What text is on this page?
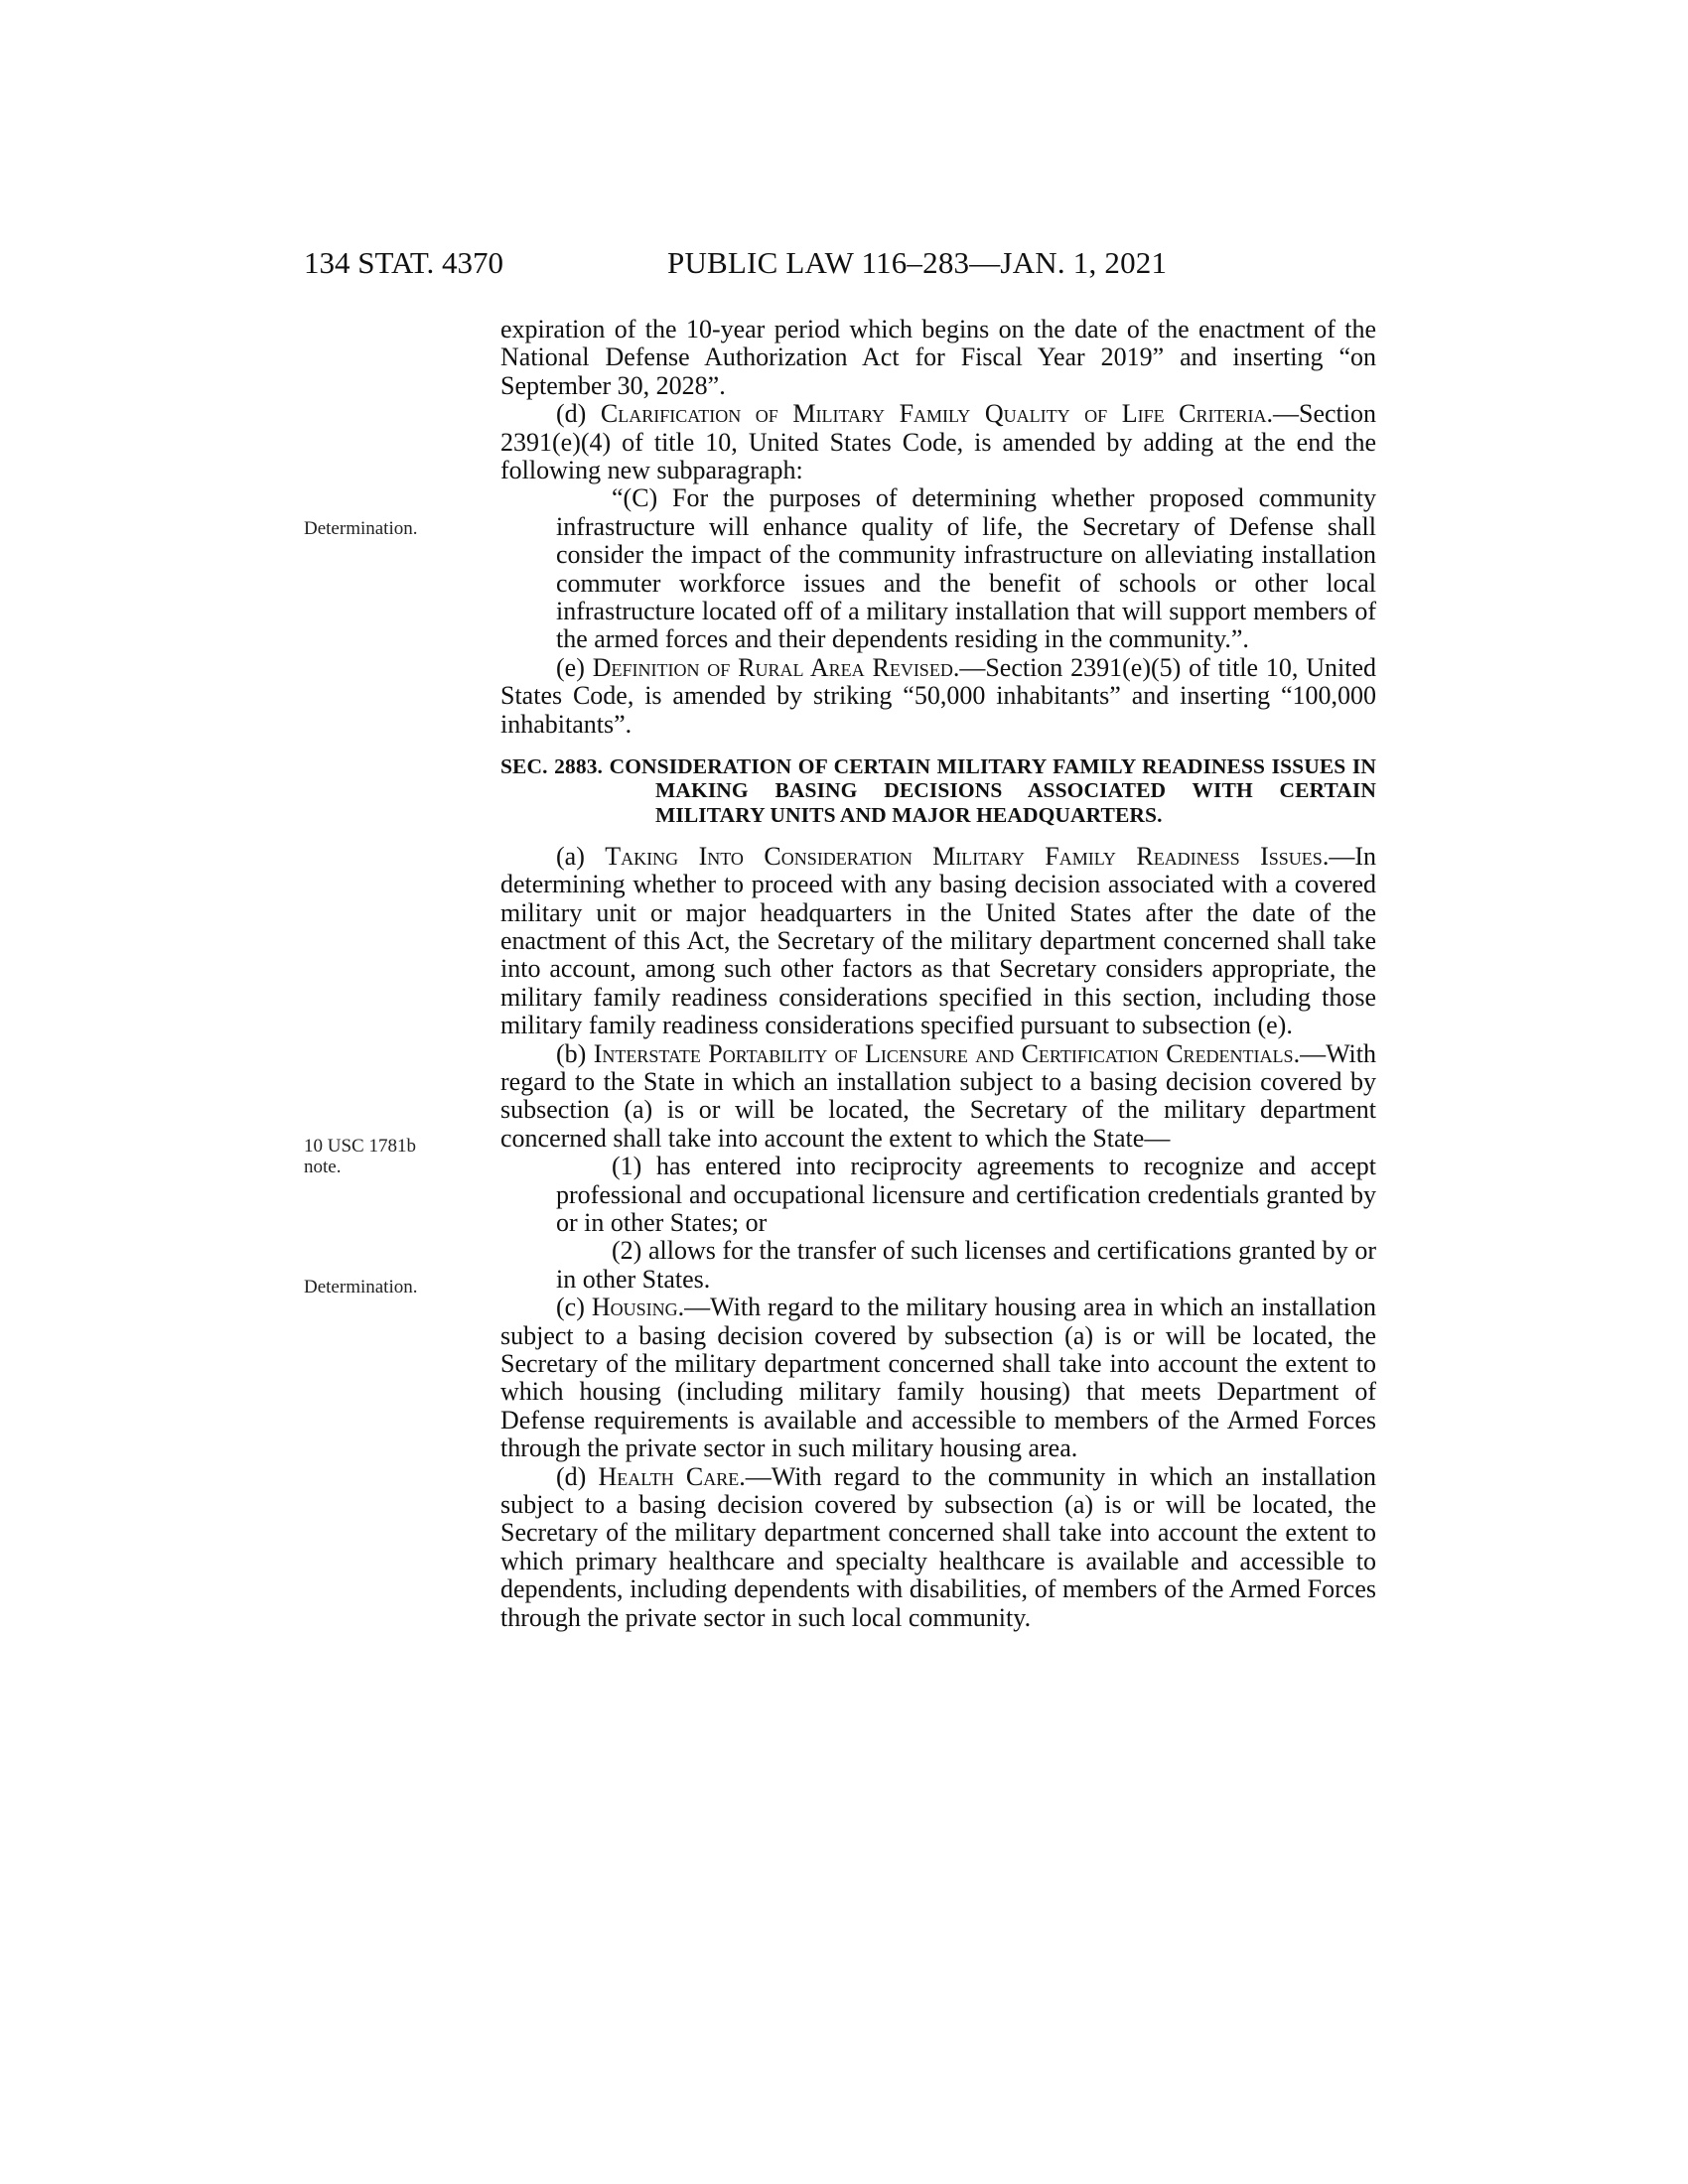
134 STAT. 4370	PUBLIC LAW 116–283—JAN. 1, 2021
Determination.
10 USC 1781b
note.
Determination.

expiration of the 10-year period which begins on the date of the enactment of the National Defense Authorization Act for Fiscal Year 2019” and inserting “on September 30, 2028”.

(d) Clarification of Military Family Quality of Life Criteria.—Section 2391(e)(4) of title 10, United States Code, is amended by adding at the end the following new subparagraph:

“(C) For the purposes of determining whether proposed community infrastructure will enhance quality of life, the Secretary of Defense shall consider the impact of the community infrastructure on alleviating installation commuter workforce issues and the benefit of schools or other local infrastructure located off of a military installation that will support members of the armed forces and their dependents residing in the community.”.

(e) Definition of Rural Area Revised.—Section 2391(e)(5) of title 10, United States Code, is amended by striking “50,000 inhabitants” and inserting “100,000 inhabitants”.

SEC. 2883. CONSIDERATION OF CERTAIN MILITARY FAMILY READINESS ISSUES IN MAKING BASING DECISIONS ASSOCIATED WITH CERTAIN MILITARY UNITS AND MAJOR HEADQUARTERS.

(a) Taking Into Consideration Military Family Readiness Issues.—In determining whether to proceed with any basing decision associated with a covered military unit or major headquarters in the United States after the date of the enactment of this Act, the Secretary of the military department concerned shall take into account, among such other factors as that Secretary considers appropriate, the military family readiness considerations specified in this section, including those military family readiness considerations specified pursuant to subsection (e).

(b) Interstate Portability of Licensure and Certification Credentials.—With regard to the State in which an installation subject to a basing decision covered by subsection (a) is or will be located, the Secretary of the military department concerned shall take into account the extent to which the State—

(1) has entered into reciprocity agreements to recognize and accept professional and occupational licensure and certification credentials granted by or in other States; or

(2) allows for the transfer of such licenses and certifications granted by or in other States.

(c) Housing.—With regard to the military housing area in which an installation subject to a basing decision covered by subsection (a) is or will be located, the Secretary of the military department concerned shall take into account the extent to which housing (including military family housing) that meets Department of Defense requirements is available and accessible to members of the Armed Forces through the private sector in such military housing area.

(d) Health Care.—With regard to the community in which an installation subject to a basing decision covered by subsection (a) is or will be located, the Secretary of the military department concerned shall take into account the extent to which primary healthcare and specialty healthcare is available and accessible to dependents, including dependents with disabilities, of members of the Armed Forces through the private sector in such local community.
